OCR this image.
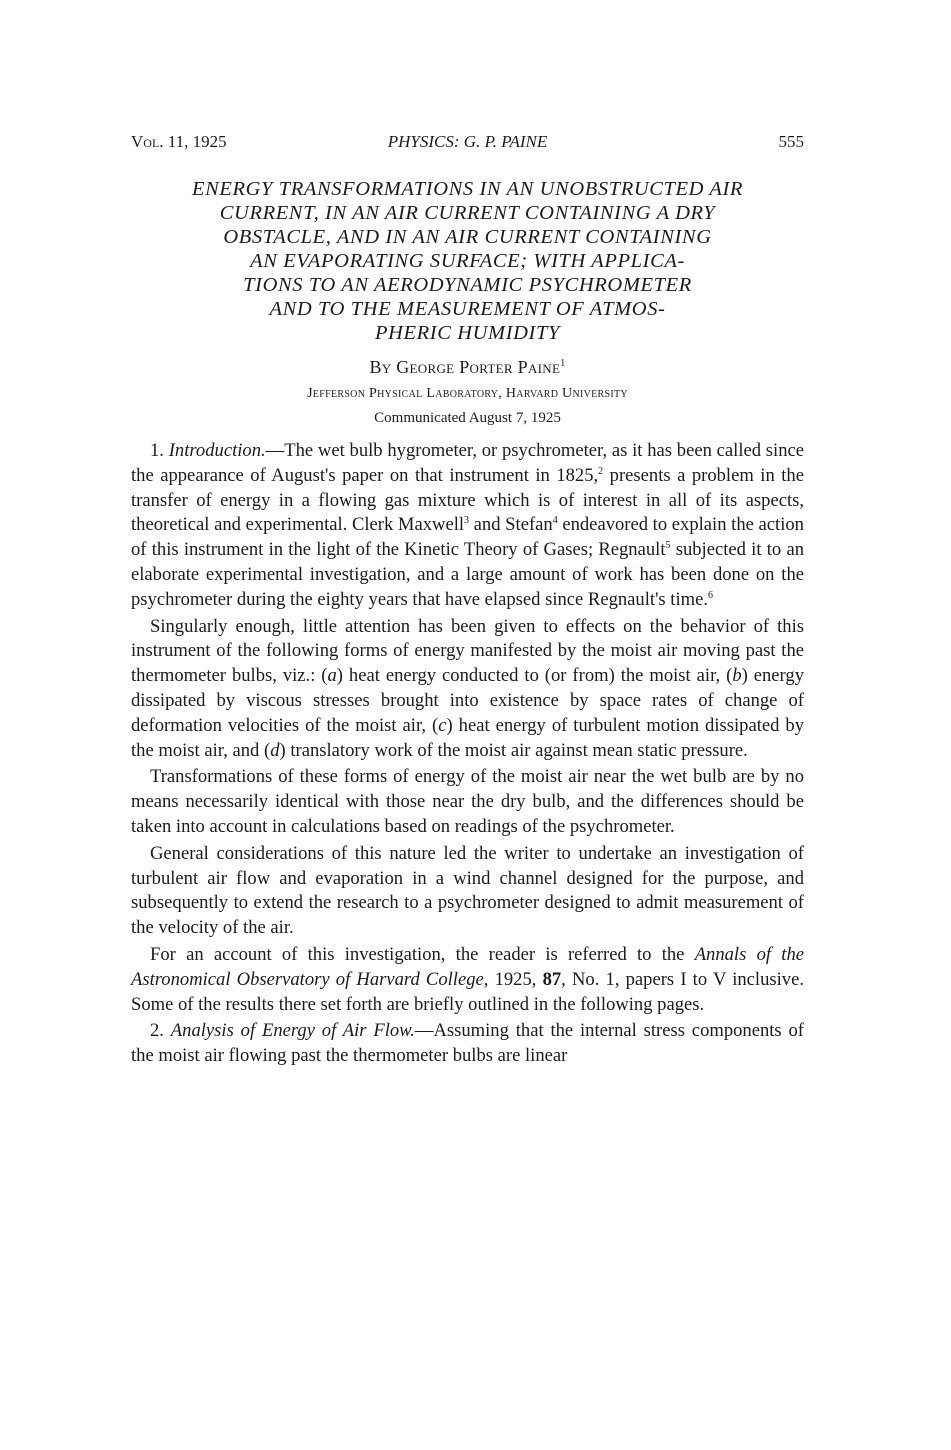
Vol. 11, 1925	PHYSICS: G. P. PAINE	555
ENERGY TRANSFORMATIONS IN AN UNOBSTRUCTED AIR
CURRENT, IN AN AIR CURRENT CONTAINING A DRY
OBSTACLE, AND IN AN AIR CURRENT CONTAINING
AN EVAPORATING SURFACE; WITH APPLICA-
TIONS TO AN AERODYNAMIC PSYCHROMETER
AND TO THE MEASUREMENT OF ATMOS-
PHERIC HUMIDITY
By George Porter Paine$^1$
Jefferson Physical Laboratory, Harvard University
Communicated August 7, 1925

1. Introduction.—The wet bulb hygrometer, or psychrometer, as it has been called since the appearance of August's paper on that instrument in 1825,$^2$ presents a problem in the transfer of energy in a flowing gas mixture which is of interest in all of its aspects, theoretical and experimental. Clerk Maxwell$^3$ and Stefan$^4$ endeavored to explain the action of this instrument in the light of the Kinetic Theory of Gases; Regnault$^5$ subjected it to an elaborate experimental investigation, and a large amount of work has been done on the psychrometer during the eighty years that have elapsed since Regnault's time.$^6$

Singularly enough, little attention has been given to effects on the behavior of this instrument of the following forms of energy manifested by the moist air moving past the thermometer bulbs, viz.: (a) heat energy conducted to (or from) the moist air, (b) energy dissipated by viscous stresses brought into existence by space rates of change of deformation velocities of the moist air, (c) heat energy of turbulent motion dissipated by the moist air, and (d) translatory work of the moist air against mean static pressure.

Transformations of these forms of energy of the moist air near the wet bulb are by no means necessarily identical with those near the dry bulb, and the differences should be taken into account in calculations based on readings of the psychrometer.

General considerations of this nature led the writer to undertake an investigation of turbulent air flow and evaporation in a wind channel designed for the purpose, and subsequently to extend the research to a psychrometer designed to admit measurement of the velocity of the air.

For an account of this investigation, the reader is referred to the Annals of the Astronomical Observatory of Harvard College, 1925, 87, No. 1, papers I to V inclusive. Some of the results there set forth are briefly outlined in the following pages.

2. Analysis of Energy of Air Flow.—Assuming that the internal stress components of the moist air flowing past the thermometer bulbs are linear
